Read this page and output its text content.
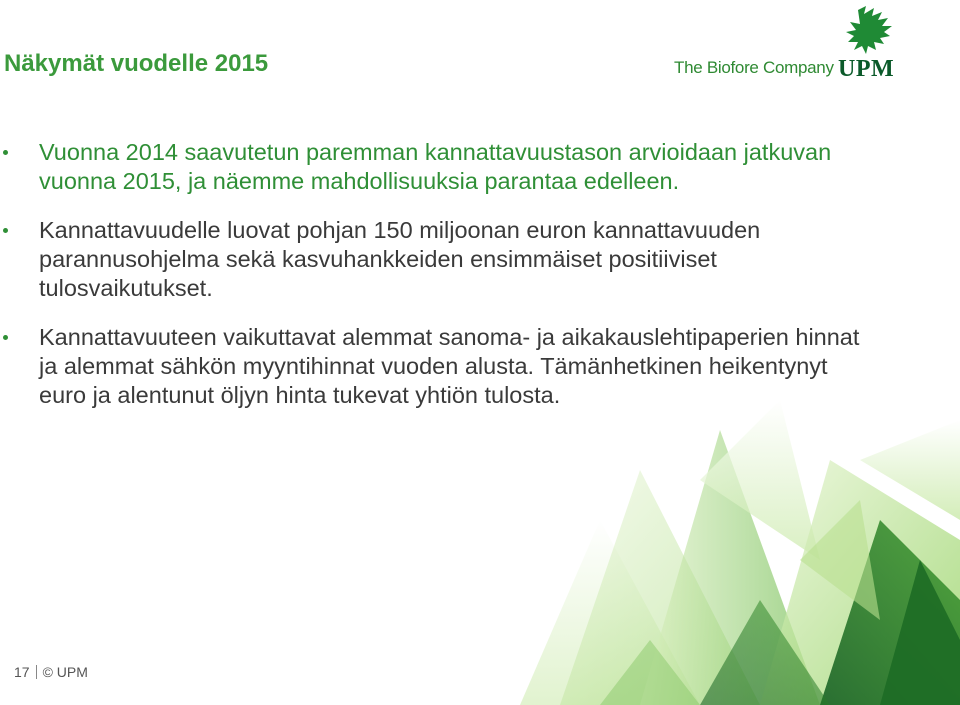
Näkymät vuodelle 2015	The Biofore Company UPM
Vuonna 2014 saavutetun paremman kannattavuustason arvioidaan jatkuvan vuonna 2015, ja näemme mahdollisuuksia parantaa edelleen.
Kannattavuudelle luovat pohjan 150 miljoonan euron kannattavuuden parannusohjelma sekä kasvuhankkeiden ensimmäiset positiiviset tulosvaikutukset.
Kannattavuuteen vaikuttavat alemmat sanoma- ja aikakauslehtipaperien hinnat ja alemmat sähkön myyntihinnat vuoden alusta. Tämänhetkinen heikentynyt euro ja alentunut öljyn hinta tukevat yhtiön tulosta.
17 © UPM
